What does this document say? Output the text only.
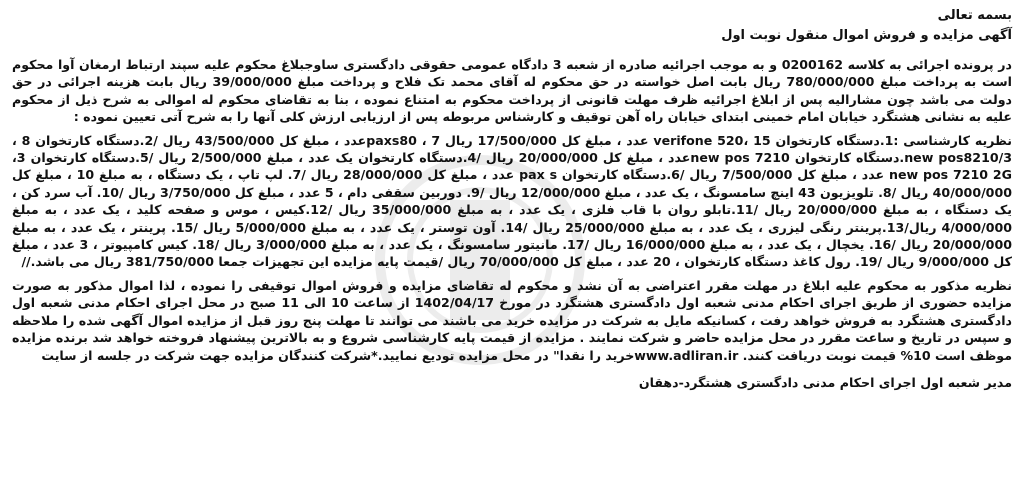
بسمه تعالی

آگهی مزایده و فروش اموال منقول نوبت اول

در پرونده اجرائی به کلاسه 0200162 و به موجب اجرائیه صادره از شعبه 3 دادگاه عمومی حقوقی دادگستری ساوجبلاغ محکوم علیه سپند ارتباط ارمغان آوا محکوم است به پرداخت مبلغ 780/000/000 ریال بابت اصل خواسته در حق محکوم له آقای محمد تک فلاح و پرداخت مبلغ 39/000/000 ریال بابت هزینه اجرائی در حق دولت می باشد چون مشارالیه پس از ابلاغ اجرائیه ظرف مهلت قانونی از پرداخت محکوم به امتناع نموده ، بنا به تقاضای محکوم له اموالی به شرح ذیل از محکوم علیه به نشانی هشتگرد خیابان امام خمینی ابتدای خیابان راه آهن توقیف و کارشناس مربوطه پس از ارزیابی ارزش کلی آنها را به شرح آتی تعیین نموده :

نظریه کارشناسی :1.دستگاه کارتخوان verifone 520، 15 عدد ، مبلغ کل 17/500/000 ریال 7 ، paxs80عدد ، مبلغ کل 43/500/000 ریال /2.دستگاه کارتخوان 8 ، new pos8210/3.دستگاه کارتخوان new pos 7210عدد ، مبلغ کل 20/000/000 ریال /4.دستگاه کارتخوان یک عدد ، مبلغ 2/500/000 ریال /5.دستگاه کارتخوان 3، new pos 7210 2G عدد ، مبلغ کل 7/500/000 ریال /6.دستگاه کارتخوان pax s عدد ، مبلغ کل 28/000/000 ریال /7. لپ تاپ ، یک دستگاه ، به مبلغ 10 ، مبلغ کل 40/000/000 ریال /8. تلویزیون 43 اینچ سامسونگ ، یک عدد ، مبلغ 12/000/000 ریال /9. دوربین سقفی دام ، 5 عدد ، مبلغ کل 3/750/000 ریال /10. آب سرد کن ، یک دستگاه ، به مبلغ 20/000/000 ریال /11.تابلو روان با قاب فلزی ، یک عدد ، به مبلغ 35/000/000 ریال /12.کیس ، موس و صفحه کلید ، یک عدد ، به مبلغ 4/000/000 ریال/13.پرینتر رنگی لیزری ، یک عدد ، به مبلغ 25/000/000 ریال /14. آون توستر ، یک عدد ، به مبلغ 5/000/000 ریال /15. پرینتر ، یک عدد ، به مبلغ 20/000/000 ریال /16. یخچال ، یک عدد ، به مبلغ 16/000/000 ریال /17. مانیتور سامسونگ ، یک عدد ، به مبلغ 3/000/000 ریال /18. کیس کامپیوتر ، 3 عدد ، مبلغ کل 9/000/000 ریال /19. رول کاغذ دستگاه کارتخوان ، 20 عدد ، مبلغ کل 70/000/000 ریال /قیمت پایه مزایده این تجهیزات جمعا 381/750/000 ریال می باشد.//

نظریه مذکور به محکوم علیه ابلاغ در مهلت مقرر اعتراضی به آن نشد و محکوم له تقاضای مزایده و فروش اموال توقیفی را نموده ، لذا اموال مذکور به صورت مزایده حضوری از طریق اجرای احکام مدنی شعبه اول دادگستری هشتگرد در مورخ 1402/04/17 از ساعت 10 الی 11 صبح در محل اجرای احکام مدنی شعبه اول دادگستری هشتگرد به فروش خواهد رفت ، کسانیکه مایل به شرکت در مزایده خرید می باشند می توانند تا مهلت پنج روز قبل از مزایده اموال آگهی شده را ملاحظه و سپس در تاریخ و ساعت مقرر در محل مزایده حاضر و شرکت نمایند . مزایده از قیمت پایه کارشناسی شروع و به بالاترین پیشنهاد فروخته خواهد شد برنده مزایده موظف است 10% قیمت نوبت دریافت کنند. www.adliran.irخرید را نقدا" در محل مزایده تودیع نمایید.*شرکت کنندگان مزایده جهت شرکت در جلسه از سایت

مدیر شعبه اول اجرای احکام مدنی دادگستری هشتگرد-دهقان
